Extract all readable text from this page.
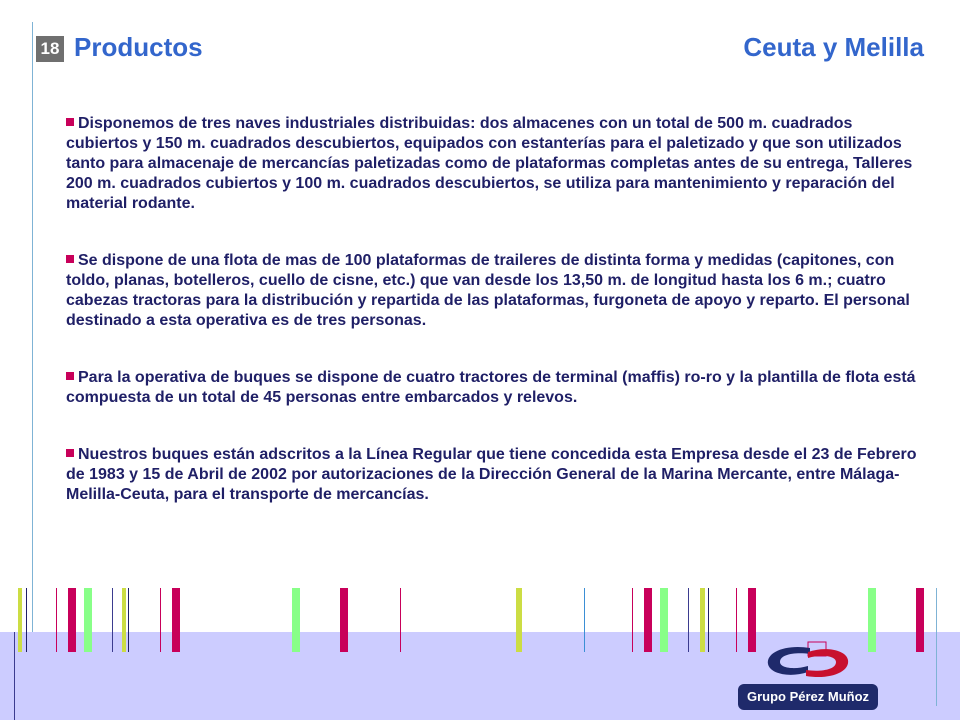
18 Productos	Ceuta y Melilla

Disponemos de tres naves industriales distribuidas: dos almacenes con un total de 500 m. cuadrados cubiertos y 150 m. cuadrados descubiertos, equipados con estanterías para el paletizado y que son utilizados tanto para almacenaje de mercancías paletizadas como de plataformas completas antes de su entrega, Talleres 200 m. cuadrados cubiertos y 100 m. cuadrados descubiertos, se utiliza para mantenimiento y reparación del material rodante.

Se dispone de una flota de mas de 100 plataformas de traileres de distinta forma y medidas (capitones, con toldo, planas, botelleros, cuello de cisne, etc.) que van desde los 13,50 m. de longitud hasta los 6 m.; cuatro cabezas tractoras para la distribución y repartida de las plataformas, furgoneta de apoyo y reparto. El personal destinado a esta operativa es de tres personas.

Para la operativa de buques se dispone de cuatro tractores de terminal (maffis) ro-ro y la plantilla de flota está compuesta de un total de 45 personas entre embarcados y relevos.

Nuestros buques están adscritos a la Línea Regular que tiene concedida esta Empresa desde el 23 de Febrero de 1983 y 15 de Abril de 2002 por autorizaciones de la Dirección General de la Marina Mercante, entre Málaga-Melilla-Ceuta, para el transporte de mercancías.

Grupo Pérez Muñoz
